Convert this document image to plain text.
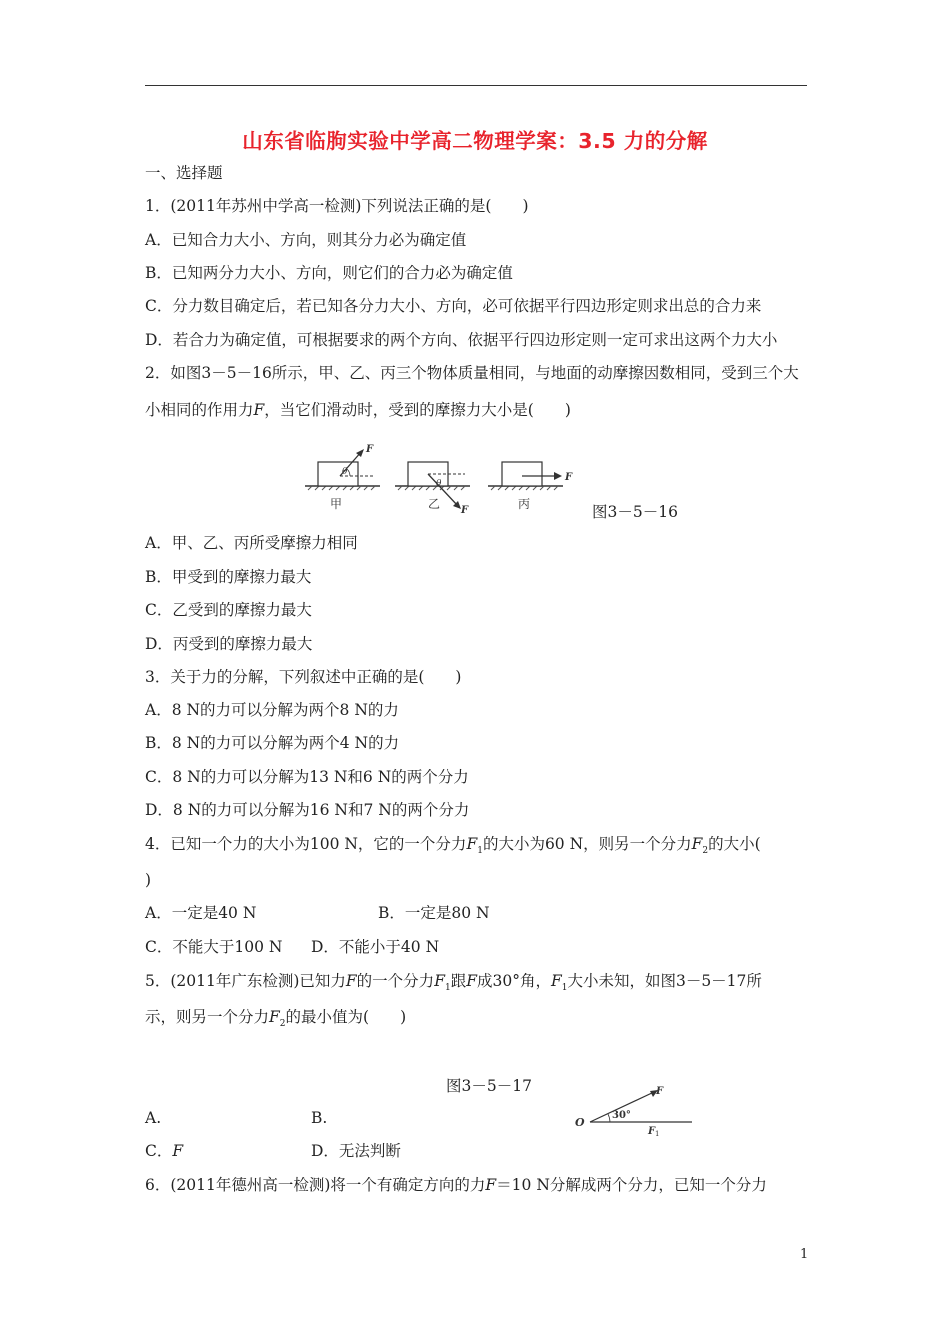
山东省临朐实验中学高二物理学案：3.5 力的分解
一、选择题
1．(2011年苏州中学高一检测)下列说法正确的是(　　)
A．已知合力大小、方向，则其分力必为确定值
B．已知两分力大小、方向，则它们的合力必为确定值
C．分力数目确定后，若已知各分力大小、方向，必可依据平行四边形定则求出总的合力来
D．若合力为确定值，可根据要求的两个方向、依据平行四边形定则一定可求出这两个力大小
2．如图3－5－16所示，甲、乙、丙三个物体质量相同，与地面的动摩擦因数相同，受到三个大
小相同的作用力F，当它们滑动时，受到的摩擦力大小是(　　)
F
θ
甲	F
θ
乙
F
丙	图3－5－16
A．甲、乙、丙所受摩擦力相同
B．甲受到的摩擦力最大
C．乙受到的摩擦力最大
D．丙受到的摩擦力最大
3．关于力的分解，下列叙述中正确的是(　　)
A．8 N的力可以分解为两个8 N的力
B．8 N的力可以分解为两个4 N的力
C．8 N的力可以分解为13 N和6 N的两个分力
D．8 N的力可以分解为16 N和7 N的两个分力
4．已知一个力的大小为100 N，它的一个分力$F_1$的大小为60 N，则另一个分力$F_2$的大小(
)
A．一定是40 N	B．一定是80 N
C．不能大于100 N D．不能小于40 N
5．(2011年广东检测)已知力F的一个分力$F_1$跟F成30°角，$F_1$大小未知，如图3－5－17所
示，则另一个分力$F_2$的最小值为(　　)
图3－5－17
O
F
30°
F 1
A.	B.
C．F	D．无法判断
6．(2011年德州高一检测)将一个有确定方向的力F＝10 N分解成两个分力，已知一个分力
1
